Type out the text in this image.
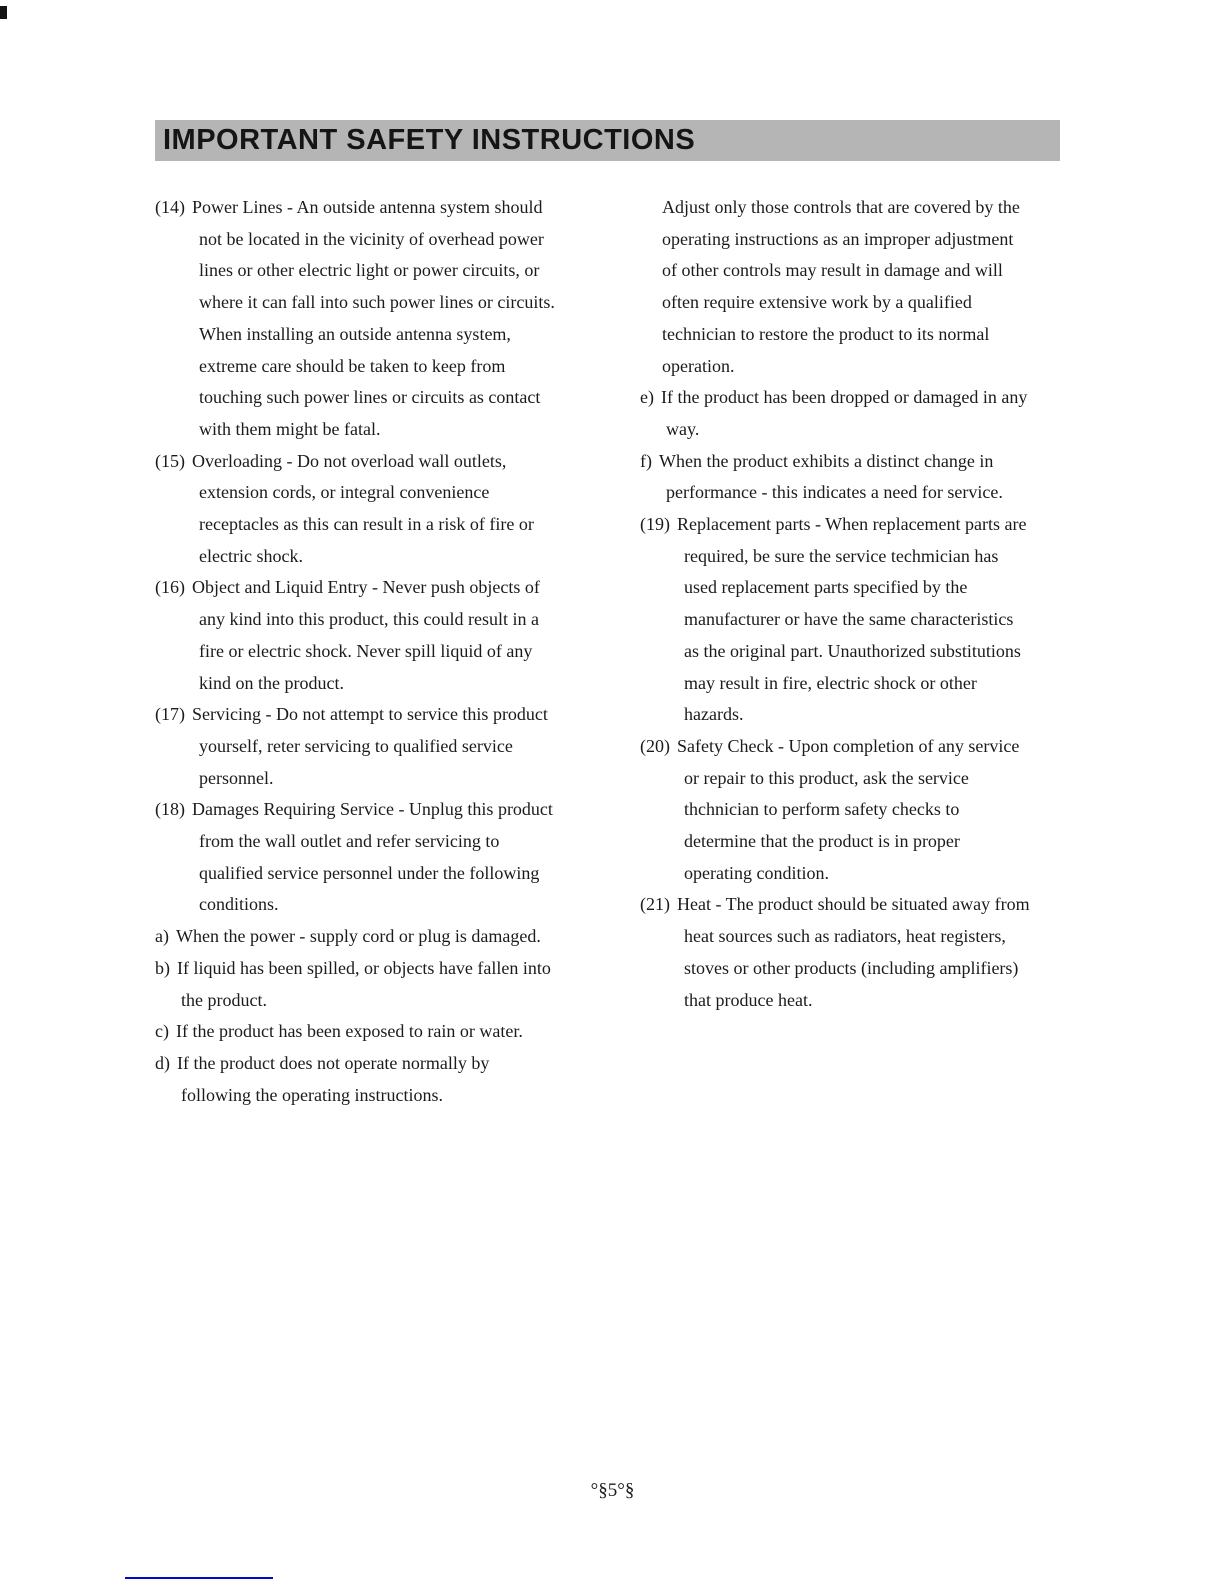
IMPORTANT SAFETY INSTRUCTIONS
(14) Power Lines - An outside antenna system should not be located in the vicinity of overhead power lines or other electric light or power circuits, or where it can fall into such power lines or circuits. When installing an outside antenna system, extreme care should be taken to keep from touching such power lines or circuits as contact with them might be fatal.
(15) Overloading - Do not overload wall outlets, extension cords, or integral convenience receptacles as this can result in a risk of fire or electric shock.
(16) Object and Liquid Entry - Never push objects of any kind into this product, this could result in a fire or electric shock. Never spill liquid of any kind on the product.
(17) Servicing - Do not attempt to service this product yourself, reter servicing to qualified service personnel.
(18) Damages Requiring Service - Unplug this product from the wall outlet and refer servicing to qualified service personnel under the following conditions.
a) When the power - supply cord or plug is damaged.
b) If liquid has been spilled, or objects have fallen into the product.
c) If the product has been exposed to rain or water.
d) If the product does not operate normally by following the operating instructions.
Adjust only those controls that are covered by the operating instructions as an improper adjustment of other controls may result in damage and will often require extensive work by a qualified technician to restore the product to its normal operation.
e) If the product has been dropped or damaged in any way.
f) When the product exhibits a distinct change in performance - this indicates a need for service.
(19) Replacement parts - When replacement parts are required, be sure the service techmician has used replacement parts specified by the manufacturer or have the same characteristics as the original part. Unauthorized substitutions may result in fire, electric shock or other hazards.
(20) Safety Check - Upon completion of any service or repair to this product, ask the service thchnician to perform safety checks to determine that the product is in proper operating condition.
(21) Heat - The product should be situated away from heat sources such as radiators, heat registers, stoves or other products (including amplifiers) that produce heat.
°§5°§
